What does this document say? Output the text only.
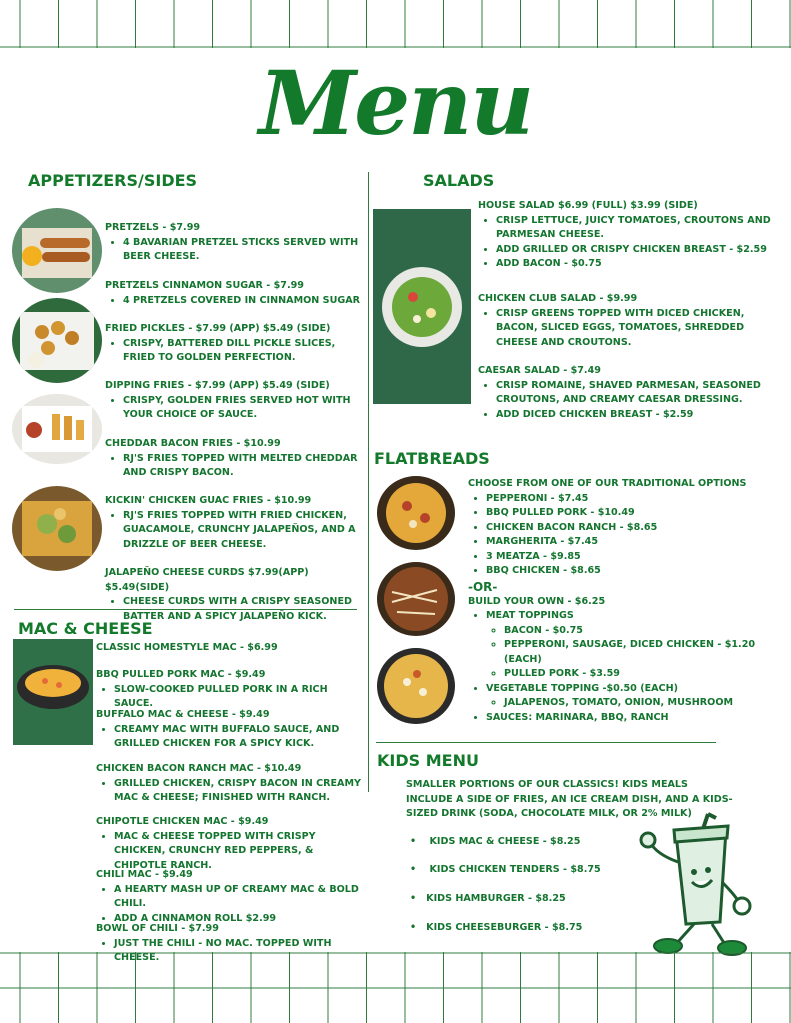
Menu
APPETIZERS/SIDES

PRETZELS - $7.99

• 4 BAVARIAN PRETZEL STICKS SERVED WITH BEER CHEESE.

PRETZELS CINNAMON SUGAR - $7.99

• 4 PRETZELS COVERED IN CINNAMON SUGAR

FRIED PICKLES - $7.99 (APP) $5.49 (SIDE)

• CRISPY, BATTERED DILL PICKLE SLICES, FRIED TO GOLDEN PERFECTION.

DIPPING FRIES - $7.99 (APP) $5.49 (SIDE)

• CRISPY, GOLDEN FRIES SERVED HOT WITH YOUR CHOICE OF SAUCE.

CHEDDAR BACON FRIES - $10.99

• RJ'S FRIES TOPPED WITH MELTED CHEDDAR AND CRISPY BACON.

KICKIN' CHICKEN GUAC FRIES - $10.99

• RJ'S FRIES TOPPED WITH FRIED CHICKEN, GUACAMOLE, CRUNCHY JALAPEÑOS, AND A DRIZZLE OF BEER CHEESE.

JALAPEÑO CHEESE CURDS $7.99(APP) $5.49(SIDE)

• CHEESE CURDS WITH A CRISPY SEASONED BATTER AND A SPICY JALAPEÑO KICK.
MAC & CHEESE

CLASSIC HOMESTYLE MAC - $6.99

BBQ PULLED PORK MAC - $9.49

• SLOW-COOKED PULLED PORK IN A RICH SAUCE.

BUFFALO MAC & CHEESE - $9.49

• CREAMY MAC WITH BUFFALO SAUCE, AND GRILLED CHICKEN FOR A SPICY KICK.

CHICKEN BACON RANCH MAC - $10.49

• GRILLED CHICKEN, CRISPY BACON IN CREAMY MAC & CHEESE; FINISHED WITH RANCH.

CHIPOTLE CHICKEN MAC - $9.49

• MAC & CHEESE TOPPED WITH CRISPY CHICKEN, CRUNCHY RED PEPPERS, & CHIPOTLE RANCH.

CHILI MAC - $9.49

• A HEARTY MASH UP OF CREAMY MAC & BOLD CHILI.
• ADD A CINNAMON ROLL $2.99

BOWL OF CHILI - $7.99

• JUST THE CHILI - NO MAC. TOPPED WITH CHEESE.
SALADS

HOUSE SALAD $6.99 (FULL) $3.99 (SIDE)

• CRISP LETTUCE, JUICY TOMATOES, CROUTONS AND PARMESAN CHEESE.
• ADD GRILLED OR CRISPY CHICKEN BREAST - $2.59
• ADD BACON - $0.75

CHICKEN CLUB SALAD - $9.99

• CRISP GREENS TOPPED WITH DICED CHICKEN, BACON, SLICED EGGS, TOMATOES, SHREDDED CHEESE AND CROUTONS.

CAESAR SALAD - $7.49

• CRISP ROMAINE, SHAVED PARMESAN, SEASONED CROUTONS, AND CREAMY CAESAR DRESSING.
• ADD DICED CHICKEN BREAST - $2.59
FLATBREADS

CHOOSE FROM ONE OF OUR TRADITIONAL OPTIONS

• PEPPERONI - $7.45
• BBQ PULLED PORK - $10.49
• CHICKEN BACON RANCH - $8.65
• MARGHERITA - $7.45
• 3 MEATZA - $9.85
• BBQ CHICKEN - $8.65

-OR-

BUILD YOUR OWN - $6.25

• MEAT TOPPINGS
◦ BACON - $0.75
◦ PEPPERONI, SAUSAGE, DICED CHICKEN - $1.20 (EACH)
◦ PULLED PORK - $3.59
• VEGETABLE TOPPING -$0.50 (EACH)
◦ JALAPENOS, TOMATO, ONION, MUSHROOM
• SAUCES: MARINARA, BBQ, RANCH
KIDS MENU

SMALLER PORTIONS OF OUR CLASSICS! KIDS MEALS INCLUDE A SIDE OF FRIES, AN ICE CREAM DISH, AND A KIDS-SIZED DRINK (SODA, CHOCOLATE MILK, OR 2% MILK)

• KIDS MAC & CHEESE - $8.25
• KIDS CHICKEN TENDERS - $8.75
• KIDS HAMBURGER - $8.25
• KIDS CHEESEBURGER - $8.75
